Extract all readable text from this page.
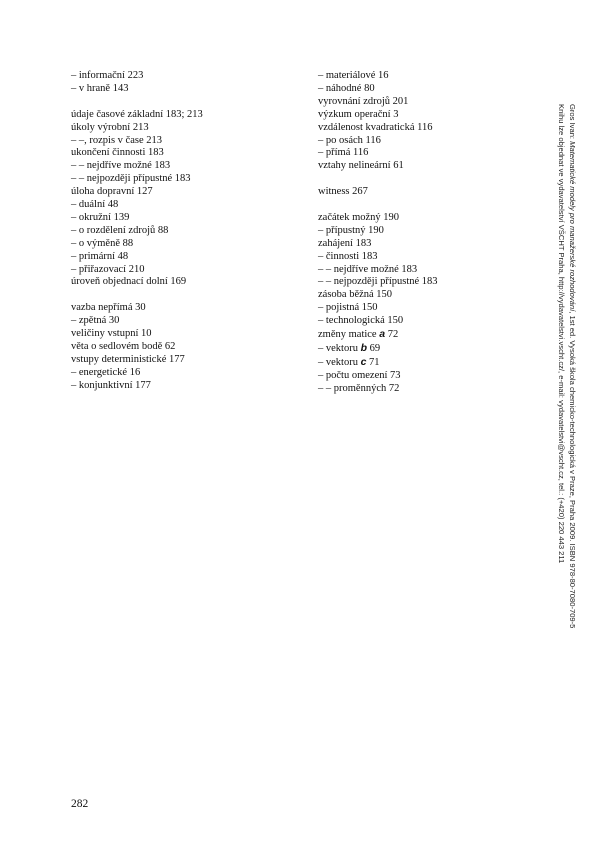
– informační 223
– v hraně 143
údaje časové základní 183; 213
úkoly výrobní 213
– –, rozpis v čase 213
ukončení činnosti 183
– – nejdříve možné 183
– – nejpozději přípustné 183
úloha dopravní 127
– duální 48
– okružní 139
– o rozdělení zdrojů 88
– o výměně 88
– primární 48
– přiřazovací 210
úroveň objednací dolní 169
vazba nepřímá 30
– zpětná 30
veličiny vstupní 10
věta o sedlovém bodě 62
vstupy deterministické 177
– energetické 16
– konjunktivní 177
– materiálové 16
– náhodné 80
vyrovnání zdrojů 201
výzkum operační 3
vzdálenost kvadratická 116
– po osách 116
– přímá 116
vztahy nelineární 61
witness 267
začátek možný 190
– přípustný 190
zahájení 183
– činnosti 183
– – nejdříve možné 183
– – nejpozději přípustné 183
zásoba běžná 150
– pojistná 150
– technologická 150
změny matice a 72
– vektoru b 69
– vektoru c 71
– počtu omezení 73
– – proměnných 72
Gros Ivan: Matematické modely pro manažerské rozhodování, 1st ed. Vysoká škola chemicko-technologická v Praze, Praha 2009. ISBN 978-80-7080-709-5
Knihu lze objednat ve vydavatelství VŠCHT Praha, http://vydavatelstvi.vscht.cz/, e-mail: vydavatelstvi@vscht.cz, tel.: (+420) 220 443 211
282
